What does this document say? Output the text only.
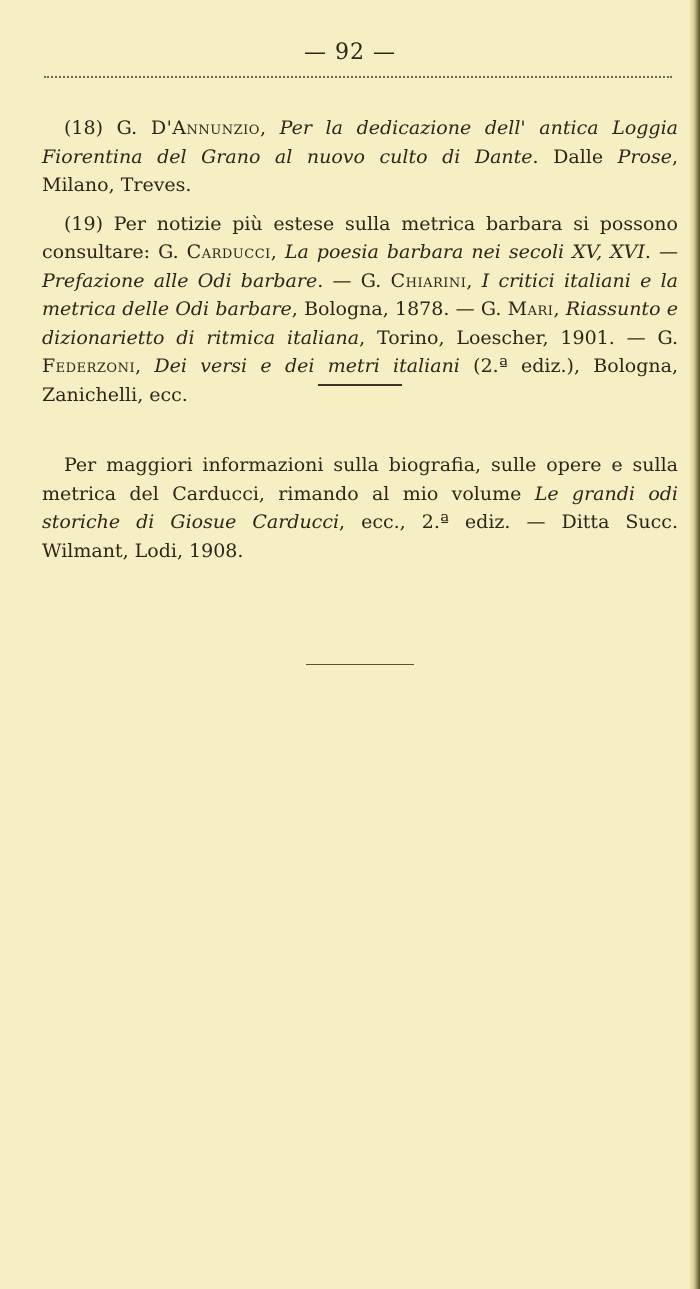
— 92 —

(18) G. D'Annunzio, Per la dedicazione dell' antica Loggia Fiorentina del Grano al nuovo culto di Dante. Dalle Prose, Milano, Treves.

(19) Per notizie più estese sulla metrica barbara si possono consultare: G. Carducci, La poesia barbara nei secoli XV, XVI. — Prefazione alle Odi barbare. — G. Chiarini, I critici italiani e la metrica delle Odi barbare, Bologna, 1878. — G. Mari, Riassunto e dizionarietto di ritmica italiana, Torino, Loescher, 1901. — G. Federzoni, Dei versi e dei metri italiani (2.ª ediz.), Bologna, Zanichelli, ecc.

Per maggiori informazioni sulla biografia, sulle opere e sulla metrica del Carducci, rimando al mio volume Le grandi odi storiche di Giosue Carducci, ecc., 2.ª ediz. — Ditta Succ. Wilmant, Lodi, 1908.
